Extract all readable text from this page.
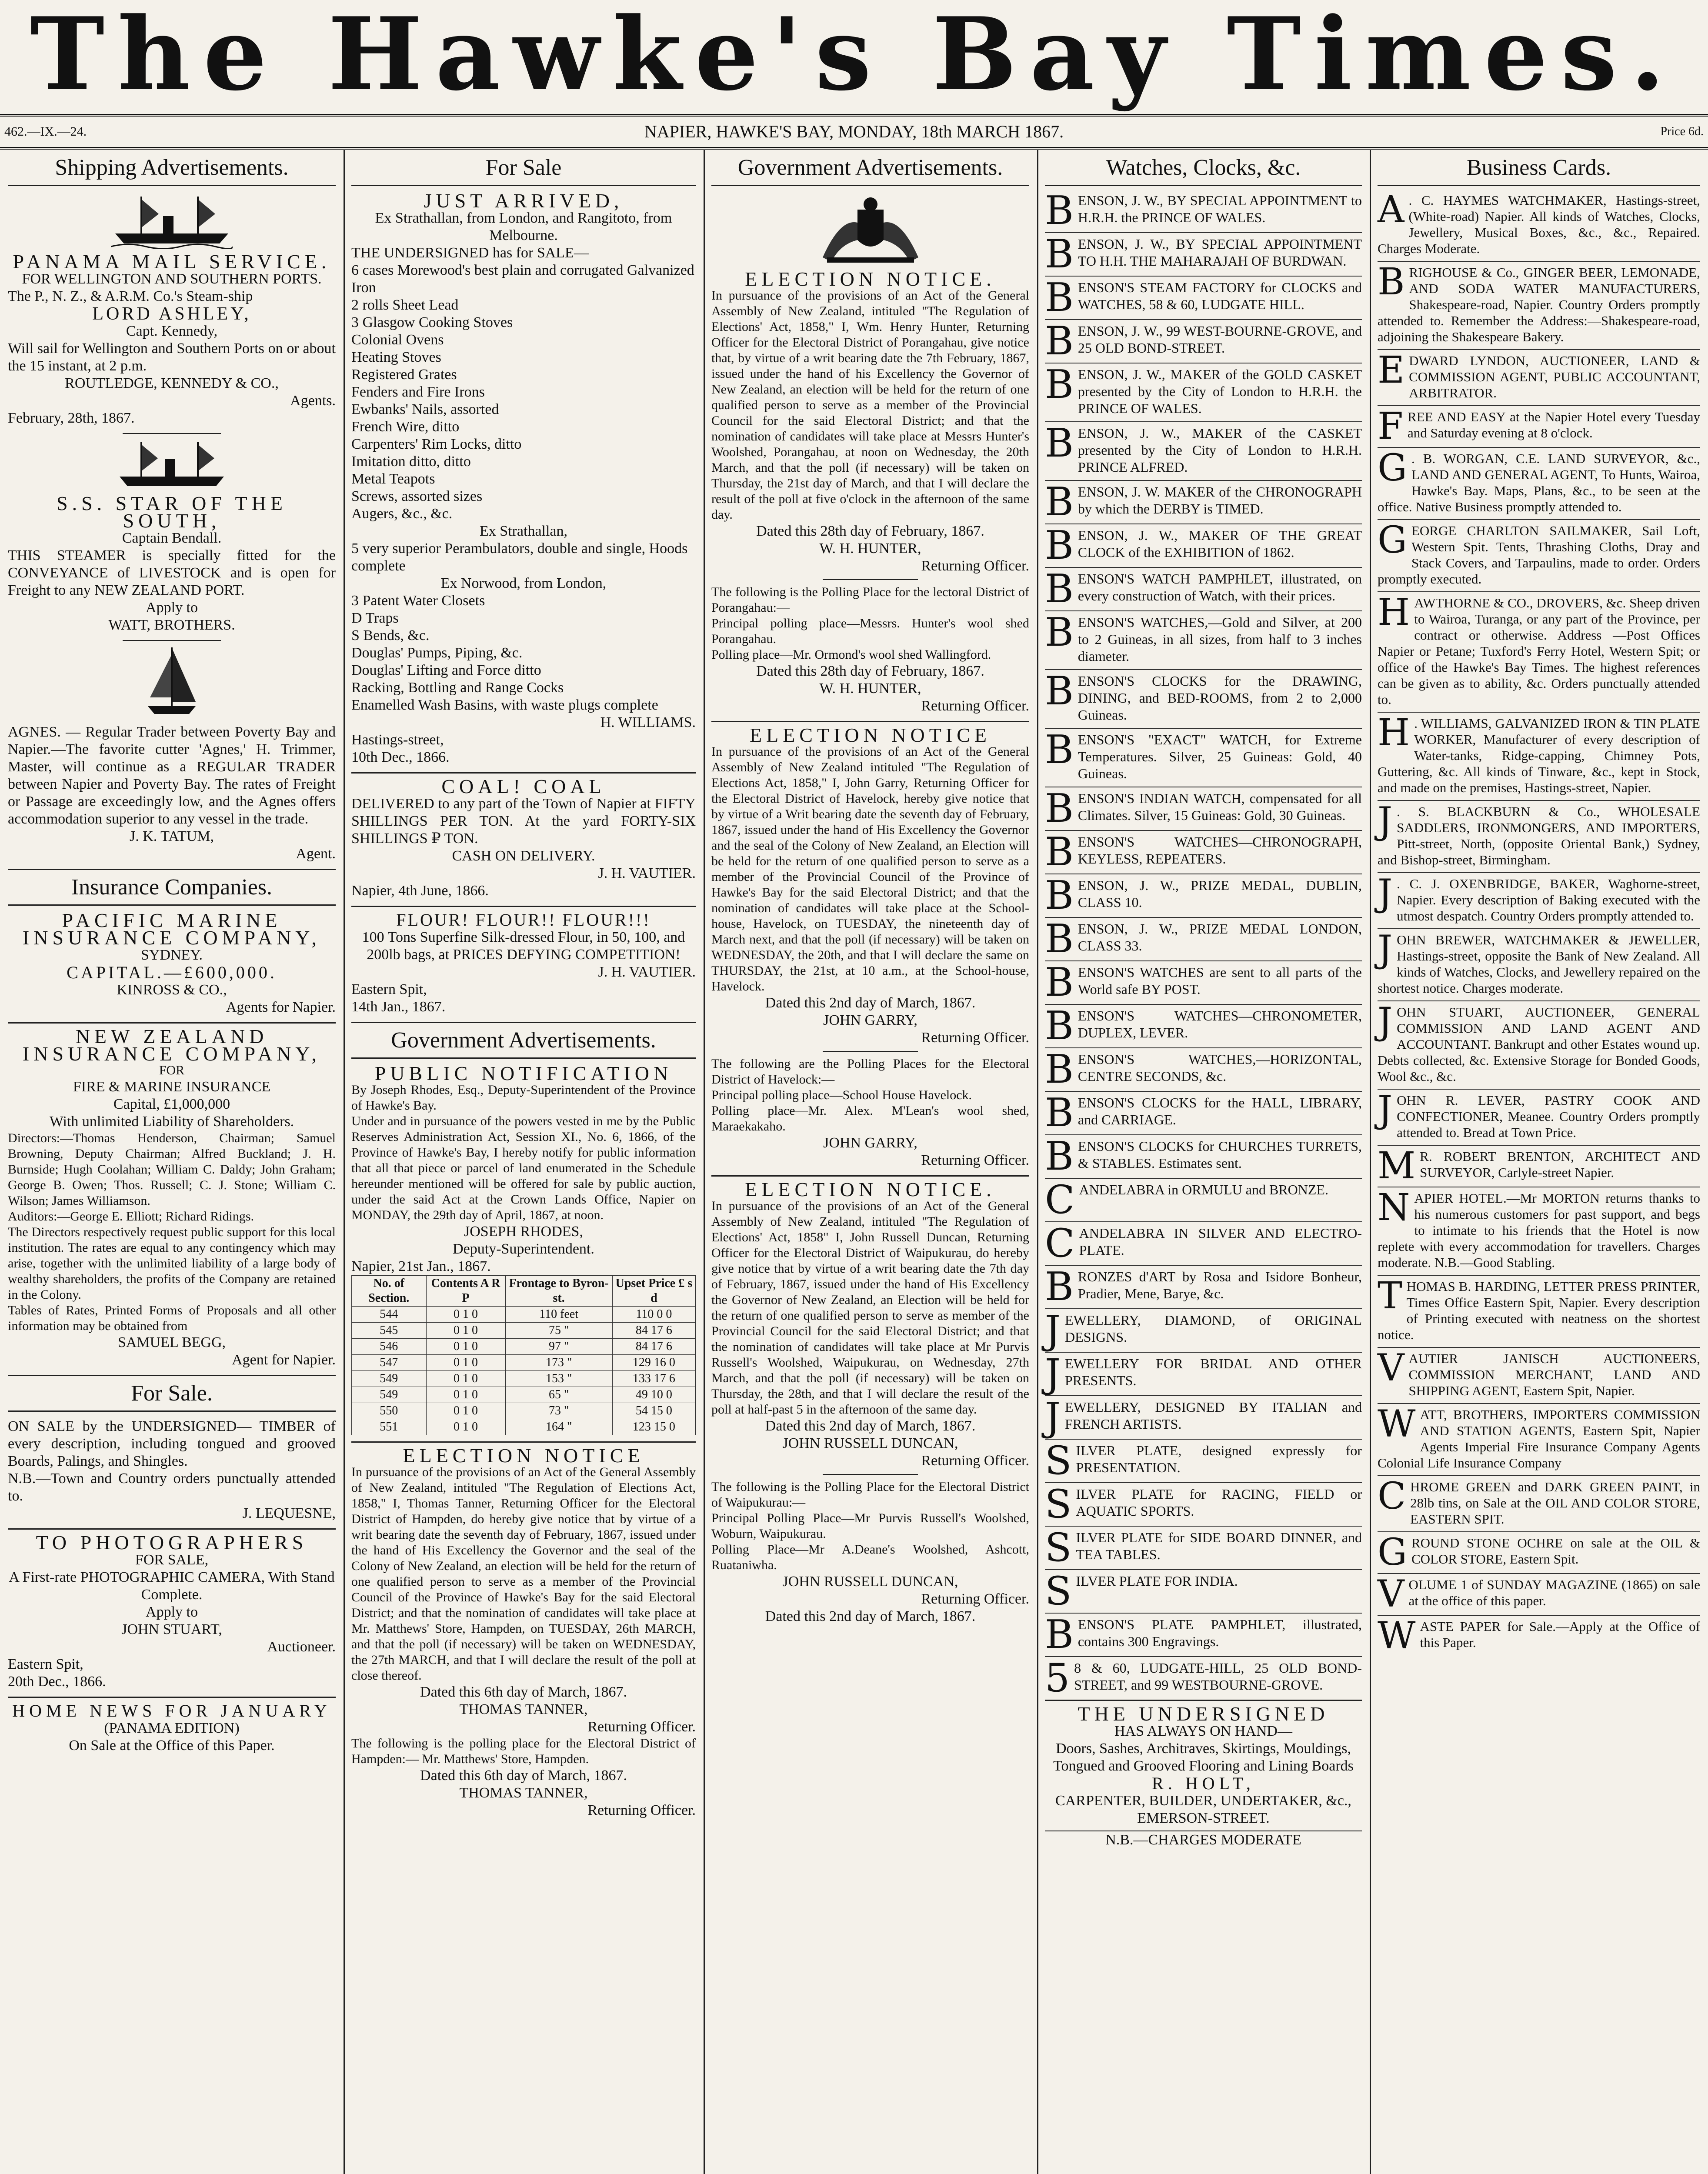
The Hawke's Bay Times.
462.—IX.—24.	NAPIER, HAWKE'S BAY, MONDAY, 18th MARCH 1867.	Price 6d.
Shipping Advertisements.
PANAMA MAIL SERVICE.
FOR WELLINGTON AND SOUTHERN PORTS.
The P., N. Z., & A.R.M. Co.'s Steam-ship
LORD ASHLEY,
Capt. Kennedy,
Will sail for Wellington and Southern Ports on or about the 15 instant, at 2 p.m.
ROUTLEDGE, KENNEDY & CO.,
Agents.
February, 28th, 1867.
S.S. STAR OF THE SOUTH,
Captain Bendall.
THIS STEAMER is specially fitted for the CONVEYANCE of LIVESTOCK and is open for Freight to any NEW ZEALAND PORT.
Apply to
WATT, BROTHERS.
AGNES. — Regular Trader between Poverty Bay and Napier.—The favorite cutter 'Agnes,' H. Trimmer, Master, will continue as a REGULAR TRADER between Napier and Poverty Bay. The rates of Freight or Passage are exceedingly low, and the Agnes offers accommodation superior to any vessel in the trade.
J. K. TATUM,
Agent.
Insurance Companies.
PACIFIC MARINE INSURANCE COMPANY,
SYDNEY.
CAPITAL.—£600,000.
KINROSS & CO.,
Agents for Napier.
NEW ZEALAND INSURANCE COMPANY,
FOR
FIRE & MARINE INSURANCE
Capital, £1,000,000
With unlimited Liability of Shareholders.
Directors:—Thomas Henderson, Chairman; Samuel Browning, Deputy Chairman; Alfred Buckland; J. H. Burnside; Hugh Coolahan; William C. Daldy; John Graham; George B. Owen; Thos. Russell; C. J. Stone; William C. Wilson; James Williamson.
Auditors:—George E. Elliott; Richard Ridings.
The Directors respectively request public support for this local institution. The rates are equal to any contingency which may arise, together with the unlimited liability of a large body of wealthy shareholders, the profits of the Company are retained in the Colony.
Tables of Rates, Printed Forms of Proposals and all other information may be obtained from
SAMUEL BEGG,
Agent for Napier.
For Sale.
ON SALE by the UNDERSIGNED— TIMBER of every description, including tongued and grooved Boards, Palings, and Shingles.
N.B.—Town and Country orders punctually attended to.
J. LEQUESNE,
TO PHOTOGRAPHERS
FOR SALE,
A First-rate PHOTOGRAPHIC CAMERA, With Stand Complete.
Apply to
JOHN STUART,
Auctioneer.
Eastern Spit,
20th Dec., 1866.
HOME NEWS FOR JANUARY
(PANAMA EDITION)
On Sale at the Office of this Paper.
For Sale
JUST ARRIVED,
Ex Strathallan, from London, and Rangitoto, from Melbourne.
THE UNDERSIGNED has for SALE—
6 cases Morewood's best plain and corrugated Galvanized Iron
2 rolls Sheet Lead
3 Glasgow Cooking Stoves
Colonial Ovens
Heating Stoves
Registered Grates
Fenders and Fire Irons
Ewbanks' Nails, assorted
French Wire, ditto
Carpenters' Rim Locks, ditto
Imitation ditto, ditto
Metal Teapots
Screws, assorted sizes
Augers, &c., &c.
Ex Strathallan,
5 very superior Perambulators, double and single, Hoods complete
Ex Norwood, from London,
3 Patent Water Closets
D Traps
S Bends, &c.
Douglas' Pumps, Piping, &c.
Douglas' Lifting and Force ditto
Racking, Bottling and Range Cocks
Enamelled Wash Basins, with waste plugs complete
H. WILLIAMS.
Hastings-street,
10th Dec., 1866.
COAL! COAL
DELIVERED to any part of the Town of Napier at FIFTY SHILLINGS PER TON. At the yard FORTY-SIX SHILLINGS ₽ TON.
CASH ON DELIVERY.
J. H. VAUTIER.
Napier, 4th June, 1866.
FLOUR! FLOUR!! FLOUR!!!
100 Tons Superfine Silk-dressed Flour, in 50, 100, and 200lb bags, at PRICES DEFYING COMPETITION!
J. H. VAUTIER.
Eastern Spit,
14th Jan., 1867.
Government Advertisements.
PUBLIC NOTIFICATION
By Joseph Rhodes, Esq., Deputy-Superintendent of the Province of Hawke's Bay.
Under and in pursuance of the powers vested in me by the Public Reserves Administration Act, Session XI., No. 6, 1866, of the Province of Hawke's Bay, I hereby notify for public information that all that piece or parcel of land enumerated in the Schedule hereunder mentioned will be offered for sale by public auction, under the said Act at the Crown Lands Office, Napier on MONDAY, the 29th day of April, 1867, at noon.
JOSEPH RHODES,
Deputy-Superintendent.
Napier, 21st Jan., 1867.
No. of Section.	Contents A R P	Frontage to Byron-st.	Upset Price £ s d
544	0 1 0	110 feet	110 0 0
545	0 1 0	75 "	84 17 6
546	0 1 0	97 "	84 17 6
547	0 1 0	173 "	129 16 0
549	0 1 0	153 "	133 17 6
549	0 1 0	65 "	49 10 0
550	0 1 0	73 "	54 15 0
551	0 1 0	164 "	123 15 0
ELECTION NOTICE
In pursuance of the provisions of an Act of the General Assembly of New Zealand, intituled "The Regulation of Elections Act, 1858," I, Thomas Tanner, Returning Officer for the Electoral District of Hampden, do hereby give notice that by virtue of a writ bearing date the seventh day of February, 1867, issued under the hand of His Excellency the Governor and the seal of the Colony of New Zealand, an election will be held for the return of one qualified person to serve as a member of the Provincial Council of the Province of Hawke's Bay for the said Electoral District; and that the nomination of candidates will take place at Mr. Matthews' Store, Hampden, on TUESDAY, 26th MARCH, and that the poll (if necessary) will be taken on WEDNESDAY, the 27th MARCH, and that I will declare the result of the poll at close thereof.
Dated this 6th day of March, 1867.
THOMAS TANNER,
Returning Officer.
The following is the polling place for the Electoral District of Hampden:— Mr. Matthews' Store, Hampden.
Dated this 6th day of March, 1867.
THOMAS TANNER,
Returning Officer.
Government Advertisements.
ELECTION NOTICE.
In pursuance of the provisions of an Act of the General Assembly of New Zealand, intituled "The Regulation of Elections' Act, 1858," I, Wm. Henry Hunter, Returning Officer for the Electoral District of Porangahau, give notice that, by virtue of a writ bearing date the 7th February, 1867, issued under the hand of his Excellency the Governor of New Zealand, an election will be held for the return of one qualified person to serve as a member of the Provincial Council for the said Electoral District; and that the nomination of candidates will take place at Messrs Hunter's Woolshed, Porangahau, at noon on Wednesday, the 20th March, and that the poll (if necessary) will be taken on Thursday, the 21st day of March, and that I will declare the result of the poll at five o'clock in the afternoon of the same day.
Dated this 28th day of February, 1867.
W. H. HUNTER,
Returning Officer.
The following is the Polling Place for the lectoral District of Porangahau:—
Principal polling place—Messrs. Hunter's wool shed Porangahau.
Polling place—Mr. Ormond's wool shed Wallingford.
Dated this 28th day of February, 1867.
W. H. HUNTER,
Returning Officer.
ELECTION NOTICE
In pursuance of the provisions of an Act of the General Assembly of New Zealand intituled "The Regulation of Elections Act, 1858," I, John Garry, Returning Officer for the Electoral District of Havelock, hereby give notice that by virtue of a Writ bearing date the seventh day of February, 1867, issued under the hand of His Excellency the Governor and the seal of the Colony of New Zealand, an Election will be held for the return of one qualified person to serve as a member of the Provincial Council of the Province of Hawke's Bay for the said Electoral District; and that the nomination of candidates will take place at the School-house, Havelock, on TUESDAY, the nineteenth day of March next, and that the poll (if necessary) will be taken on WEDNESDAY, the 20th, and that I will declare the same on THURSDAY, the 21st, at 10 a.m., at the School-house, Havelock.
Dated this 2nd day of March, 1867.
JOHN GARRY,
Returning Officer.
The following are the Polling Places for the Electoral District of Havelock:—
Principal polling place—School House Havelock.
Polling place—Mr. Alex. M'Lean's wool shed, Maraekakaho.
JOHN GARRY,
Returning Officer.
ELECTION NOTICE.
In pursuance of the provisions of an Act of the General Assembly of New Zealand, intituled "The Regulation of Elections' Act, 1858" I, John Russell Duncan, Returning Officer for the Electoral District of Waipukurau, do hereby give notice that by virtue of a writ bearing date the 7th day of February, 1867, issued under the hand of His Excellency the Governor of New Zealand, an Election will be held for the return of one qualified person to serve as member of the Provincial Council for the said Electoral District; and that the nomination of candidates will take place at Mr Purvis Russell's Woolshed, Waipukurau, on Wednesday, 27th March, and that the poll (if necessary) will be taken on Thursday, the 28th, and that I will declare the result of the poll at half-past 5 in the afternoon of the same day.
Dated this 2nd day of March, 1867.
JOHN RUSSELL DUNCAN,
Returning Officer.
The following is the Polling Place for the Electoral District of Waipukurau:—
Principal Polling Place—Mr Purvis Russell's Woolshed, Woburn, Waipukurau.
Polling Place—Mr A.Deane's Woolshed, Ashcott, Ruataniwha.
JOHN RUSSELL DUNCAN,
Returning Officer.
Dated this 2nd day of March, 1867.
Watches, Clocks, &c.
BENSON, J. W., BY SPECIAL APPOINTMENT to H.R.H. the PRINCE OF WALES.
BENSON, J. W., BY SPECIAL APPOINTMENT TO H.H. THE MAHARAJAH OF BURDWAN.
BENSON'S STEAM FACTORY for CLOCKS and WATCHES, 58 & 60, LUDGATE HILL.
BENSON, J. W., 99 WEST-BOURNE-GROVE, and 25 OLD BOND-STREET.
BENSON, J. W., MAKER of the GOLD CASKET presented by the City of London to H.R.H. the PRINCE OF WALES.
BENSON, J. W., MAKER of the CASKET presented by the City of London to H.R.H. PRINCE ALFRED.
BENSON, J. W. MAKER of the CHRONOGRAPH by which the DERBY is TIMED.
BENSON, J. W., MAKER OF THE GREAT CLOCK of the EXHIBITION of 1862.
BENSON'S WATCH PAMPHLET, illustrated, on every construction of Watch, with their prices.
BENSON'S WATCHES,—Gold and Silver, at 200 to 2 Guineas, in all sizes, from half to 3 inches diameter.
BENSON'S CLOCKS for the DRAWING, DINING, and BED-ROOMS, from 2 to 2,000 Guineas.
BENSON'S "EXACT" WATCH, for Extreme Temperatures. Silver, 25 Guineas: Gold, 40 Guineas.
BENSON'S INDIAN WATCH, compensated for all Climates. Silver, 15 Guineas: Gold, 30 Guineas.
BENSON'S WATCHES—CHRONOGRAPH, KEYLESS, REPEATERS.
BENSON, J. W., PRIZE MEDAL, DUBLIN, CLASS 10.
BENSON, J. W., PRIZE MEDAL LONDON, CLASS 33.
BENSON'S WATCHES are sent to all parts of the World safe BY POST.
BENSON'S WATCHES—CHRONOMETER, DUPLEX, LEVER.
BENSON'S WATCHES,—HORIZONTAL, CENTRE SECONDS, &c.
BENSON'S CLOCKS for the HALL, LIBRARY, and CARRIAGE.
BENSON'S CLOCKS for CHURCHES TURRETS, & STABLES. Estimates sent.
CANDELABRA in ORMULU and BRONZE.
CANDELABRA IN SILVER AND ELECTRO-PLATE.
BRONZES d'ART by Rosa and Isidore Bonheur, Pradier, Mene, Barye, &c.
JEWELLERY, DIAMOND, of ORIGINAL DESIGNS.
JEWELLERY FOR BRIDAL AND OTHER PRESENTS.
JEWELLERY, DESIGNED BY ITALIAN and FRENCH ARTISTS.
SILVER PLATE, designed expressly for PRESENTATION.
SILVER PLATE for RACING, FIELD or AQUATIC SPORTS.
SILVER PLATE for SIDE BOARD DINNER, and TEA TABLES.
SILVER PLATE FOR INDIA.
BENSON'S PLATE PAMPHLET, illustrated, contains 300 Engravings.
5 8 & 60, LUDGATE-HILL, 25 OLD BOND-STREET, and 99 WESTBOURNE-GROVE.
THE UNDERSIGNED
HAS ALWAYS ON HAND—
Doors, Sashes, Architraves, Skirtings, Mouldings, Tongued and Grooved Flooring and Lining Boards
R. HOLT,
CARPENTER, BUILDER, UNDERTAKER, &c.,
EMERSON-STREET.
N.B.—CHARGES MODERATE
Business Cards.
A . C. HAYMES WATCHMAKER, Hastings-street, (White-road) Napier. All kinds of Watches, Clocks, Jewellery, Musical Boxes, &c., &c., Repaired. Charges Moderate.
BRIGHOUSE & Co., GINGER BEER, LEMONADE, AND SODA WATER MANUFACTURERS, Shakespeare-road, Napier. Country Orders promptly attended to. Remember the Address:—Shakespeare-road, adjoining the Shakespeare Bakery.
EDWARD LYNDON, AUCTIONEER, LAND & COMMISSION AGENT, PUBLIC ACCOUNTANT, ARBITRATOR.
FREE AND EASY at the Napier Hotel every Tuesday and Saturday evening at 8 o'clock.
G . B. WORGAN, C.E. LAND SURVEYOR, &c., LAND AND GENERAL AGENT, To Hunts, Wairoa, Hawke's Bay. Maps, Plans, &c., to be seen at the office. Native Business promptly attended to.
GEORGE CHARLTON SAILMAKER, Sail Loft, Western Spit. Tents, Thrashing Cloths, Dray and Stack Covers, and Tarpaulins, made to order. Orders promptly executed.
HAWTHORNE & CO., DROVERS, &c. Sheep driven to Wairoa, Turanga, or any part of the Province, per contract or otherwise. Address —Post Offices Napier or Petane; Tuxford's Ferry Hotel, Western Spit; or office of the Hawke's Bay Times. The highest references can be given as to ability, &c. Orders punctually attended to.
H . WILLIAMS, GALVANIZED IRON & TIN PLATE WORKER, Manufacturer of every description of Water-tanks, Ridge-capping, Chimney Pots, Guttering, &c. All kinds of Tinware, &c., kept in Stock, and made on the premises, Hastings-street, Napier.
J . S. BLACKBURN & Co., WHOLESALE SADDLERS, IRONMONGERS, AND IMPORTERS, Pitt-street, North, (opposite Oriental Bank,) Sydney, and Bishop-street, Birmingham.
J . C. J. OXENBRIDGE, BAKER, Waghorne-street, Napier. Every description of Baking executed with the utmost despatch. Country Orders promptly attended to.
JOHN BREWER, WATCHMAKER & JEWELLER, Hastings-street, opposite the Bank of New Zealand. All kinds of Watches, Clocks, and Jewellery repaired on the shortest notice. Charges moderate.
JOHN STUART, AUCTIONEER, GENERAL COMMISSION AND LAND AGENT AND ACCOUNTANT. Bankrupt and other Estates wound up. Debts collected, &c. Extensive Storage for Bonded Goods, Wool &c., &c.
JOHN R. LEVER, PASTRY COOK AND CONFECTIONER, Meanee. Country Orders promptly attended to. Bread at Town Price.
M R. ROBERT BRENTON, ARCHITECT AND SURVEYOR, Carlyle-street Napier.
NAPIER HOTEL.—Mr MORTON returns thanks to his numerous customers for past support, and begs to intimate to his friends that the Hotel is now replete with every accommodation for travellers. Charges moderate. N.B.—Good Stabling.
THOMAS B. HARDING, LETTER PRESS PRINTER, Times Office Eastern Spit, Napier. Every description of Printing executed with neatness on the shortest notice.
VAUTIER JANISCH AUCTIONEERS, COMMISSION MERCHANT, LAND AND SHIPPING AGENT, Eastern Spit, Napier.
WATT, BROTHERS, IMPORTERS COMMISSION AND STATION AGENTS, Eastern Spit, Napier Agents Imperial Fire Insurance Company Agents Colonial Life Insurance Company
CHROME GREEN and DARK GREEN PAINT, in 28lb tins, on Sale at the OIL AND COLOR STORE, EASTERN SPIT.
GROUND STONE OCHRE on sale at the OIL & COLOR STORE, Eastern Spit.
VOLUME 1 of SUNDAY MAGAZINE (1865) on sale at the office of this paper.
WASTE PAPER for Sale.—Apply at the Office of this Paper.
